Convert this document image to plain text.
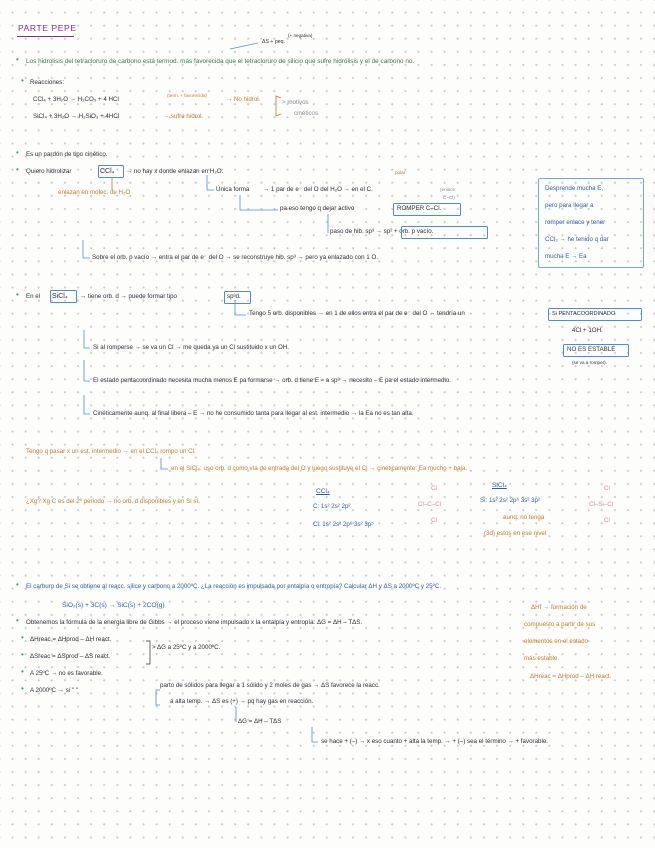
PARTE PEPE
• Los hidrolisis del tetracloruro de carbono está termod. más favorecida que el tetracloruro de silicio que sufre hidrólisis y el de carbono no.
ΔS + peq.
(+ negativa)
• Reacciones:
CCl₄ + 3H₂O → H₂CO₃ + 4 HCl
(term. + favorecida)
→ No hidrol.
SiCl₄ + 3H₂O → H₂SiO₃ + 4HCl	→ sufre hidrol.
> motivos
cinéticos
• Es un pardón de tipo cinético.
• Quiero hidrolizar	CCl₄ → no hay x donde enlazan en H₂O.
enlazan en molec. de H₂O	Única forma → 1 par de e⁻ del O del H₂O → en el C.	(enlace
C–Cl)
polar
pa eso tengo q dejar activo	ROMPER C–Cl.
paso de hib. sp³ → sp² + orb. p vacío.
Sobre el orb. p vacío → entra el par de e⁻ del O → se reconstruye hib. sp³ → pero ya enlazado con 1 O.
Desprende mucha E,
pero para llegar a
romper enlace y tener
CCl₃ → he tenido q dar
mucha E → Ea
• En el SiCl₄ → tiene orb. d → puede formar tipo	sp³d.
Tengo 5 orb. disponibles → en 1 de ellos entra el par de e⁻ del O → tendría un	Si PENTACOORDINADO
4Cl + 1OH.
NO ES ESTABLE
(se va a romper).
Si al romperse → se va un Cl → me queda ya un Cl sustituido x un OH.
El estado pentacoordinado necesita mucha menos E pa formarse → orb. d tiene E ≈ a sp³ → necesito – E pa el estado intermedio.
Cinéticamente aunq. al final libera – E → no he consumido tanta para llegar al est. intermedio → la Ea no es tan alta.
Tengo q pasar x un est. intermedio → en el CCl₄ rompo un Cl.
en el SiCl₄: uso orb. d como vía de entrada del O y luego sustituye el Cl → cinéticamente: Ea mucho + baja.
¿Xg? Xg C es del 2º periodo → no orb. d disponibles y en Si sí.
CCl₄
C: 1s² 2s² 2p²
Cl: 1s² 2s² 2p⁶ 3s² 3p⁵
Cl
Cl–C–Cl
Cl
SiCl₄
Si: 1s² 2s² 2p⁶ 3s² 3p²
aunq. no tenga
(3d) estos en ese nivel
Cl
Cl–Si–Cl
Cl
• El carburo de Si se obtiene al reacc. sílice y carbono a 2000ºC. ¿La reacción es impulsada por entalpía o entropía? Calcular ΔH y ΔS a 2000ºC y 25ºC.
SiO₂(s) + 3C(s) → SiC(s) + 2CO(g)
• Obtenemos la fórmula de la energía libre de Gibbs → el proceso viene impulsado x la entalpía y entropía: ΔG = ΔH – TΔS.
• ΔHreac = ΔHprod – ΔH react.
• ΔSreac = ΔSprod – ΔS react.
> ΔG a 25ºC y a 2000ºC.
• A 25ºC → no es favorable.
• A 2000ºC → sí " "
parto de sólidos para llegar a 1 sólido y 2 moles de gas → ΔS favorece la reacc.
a alta temp. → ΔS es (+) → pq hay gas en reacción.
ΔG = ΔH – TΔS
se hace + (–) → x eso cuanto + alta la temp. → + (–) sea el término → + favorable.
ΔHf → formación de
compuesto a partir de sus
elementos en el estado
más estable.
ΔHreac = ΔHprod – ΔH react.
